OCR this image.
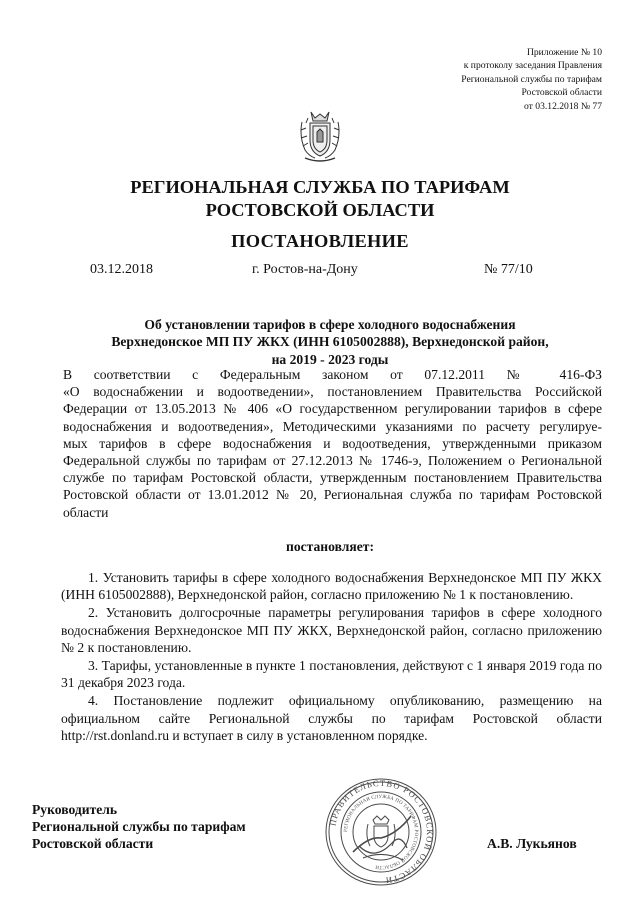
Приложение № 10
к протоколу заседания Правления
Региональной службы по тарифам
Ростовской области
от 03.12.2018 № 77
РЕГИОНАЛЬНАЯ СЛУЖБА ПО ТАРИФАМ
РОСТОВСКОЙ ОБЛАСТИ
ПОСТАНОВЛЕНИЕ
03.12.2018	г. Ростов-на-Дону	№ 77/10
Об установлении тарифов в сфере холодного водоснабжения
Верхнедонское МП ПУ ЖКХ (ИНН 6105002888), Верхнедонской район,
на 2019 - 2023 годы
В соответствии с Федеральным законом от 07.12.2011 № 416-ФЗ
«О водоснабжении и водоотведении», постановлением Правительства Российской
Федерации от 13.05.2013 № 406 «О государственном регулировании тарифов в сфере
водоснабжения и водоотведения», Методическими указаниями по расчету регулируе-
мых тарифов в сфере водоснабжения и водоотведения, утвержденными приказом
Федеральной службы по тарифам от 27.12.2013 № 1746-э, Положением о Региональной
службе по тарифам Ростовской области, утвержденным постановлением Правительства
Ростовской области от 13.01.2012 № 20, Региональная служба по тарифам Ростовской
области
постановляет:

1. Установить тарифы в сфере холодного водоснабжения Верхнедонское МП ПУ ЖКХ (ИНН 6105002888), Верхнедонской район, согласно приложению № 1 к постановлению.

2. Установить долгосрочные параметры регулирования тарифов в сфере холодного водоснабжения Верхнедонское МП ПУ ЖКХ, Верхнедонской район, согласно приложению № 2 к постановлению.

3. Тарифы, установленные в пункте 1 постановления, действуют с 1 января 2019 года по 31 декабря 2023 года.

4. Постановление подлежит официальному опубликованию, размещению на официальном сайте Региональной службы по тарифам Ростовской области http://rst.donland.ru и вступает в силу в установленном порядке.

ПРАВИТЕЛЬСТВО РОСТОВСКОЙ ОБЛАСТИ
РЕГИОНАЛЬНАЯ СЛУЖБА ПО ТАРИФАМ РОСТОВСКОЙ ОБЛАСТИ
Руководитель
Региональной службы по тарифам
Ростовской области	А.В. Лукьянов
